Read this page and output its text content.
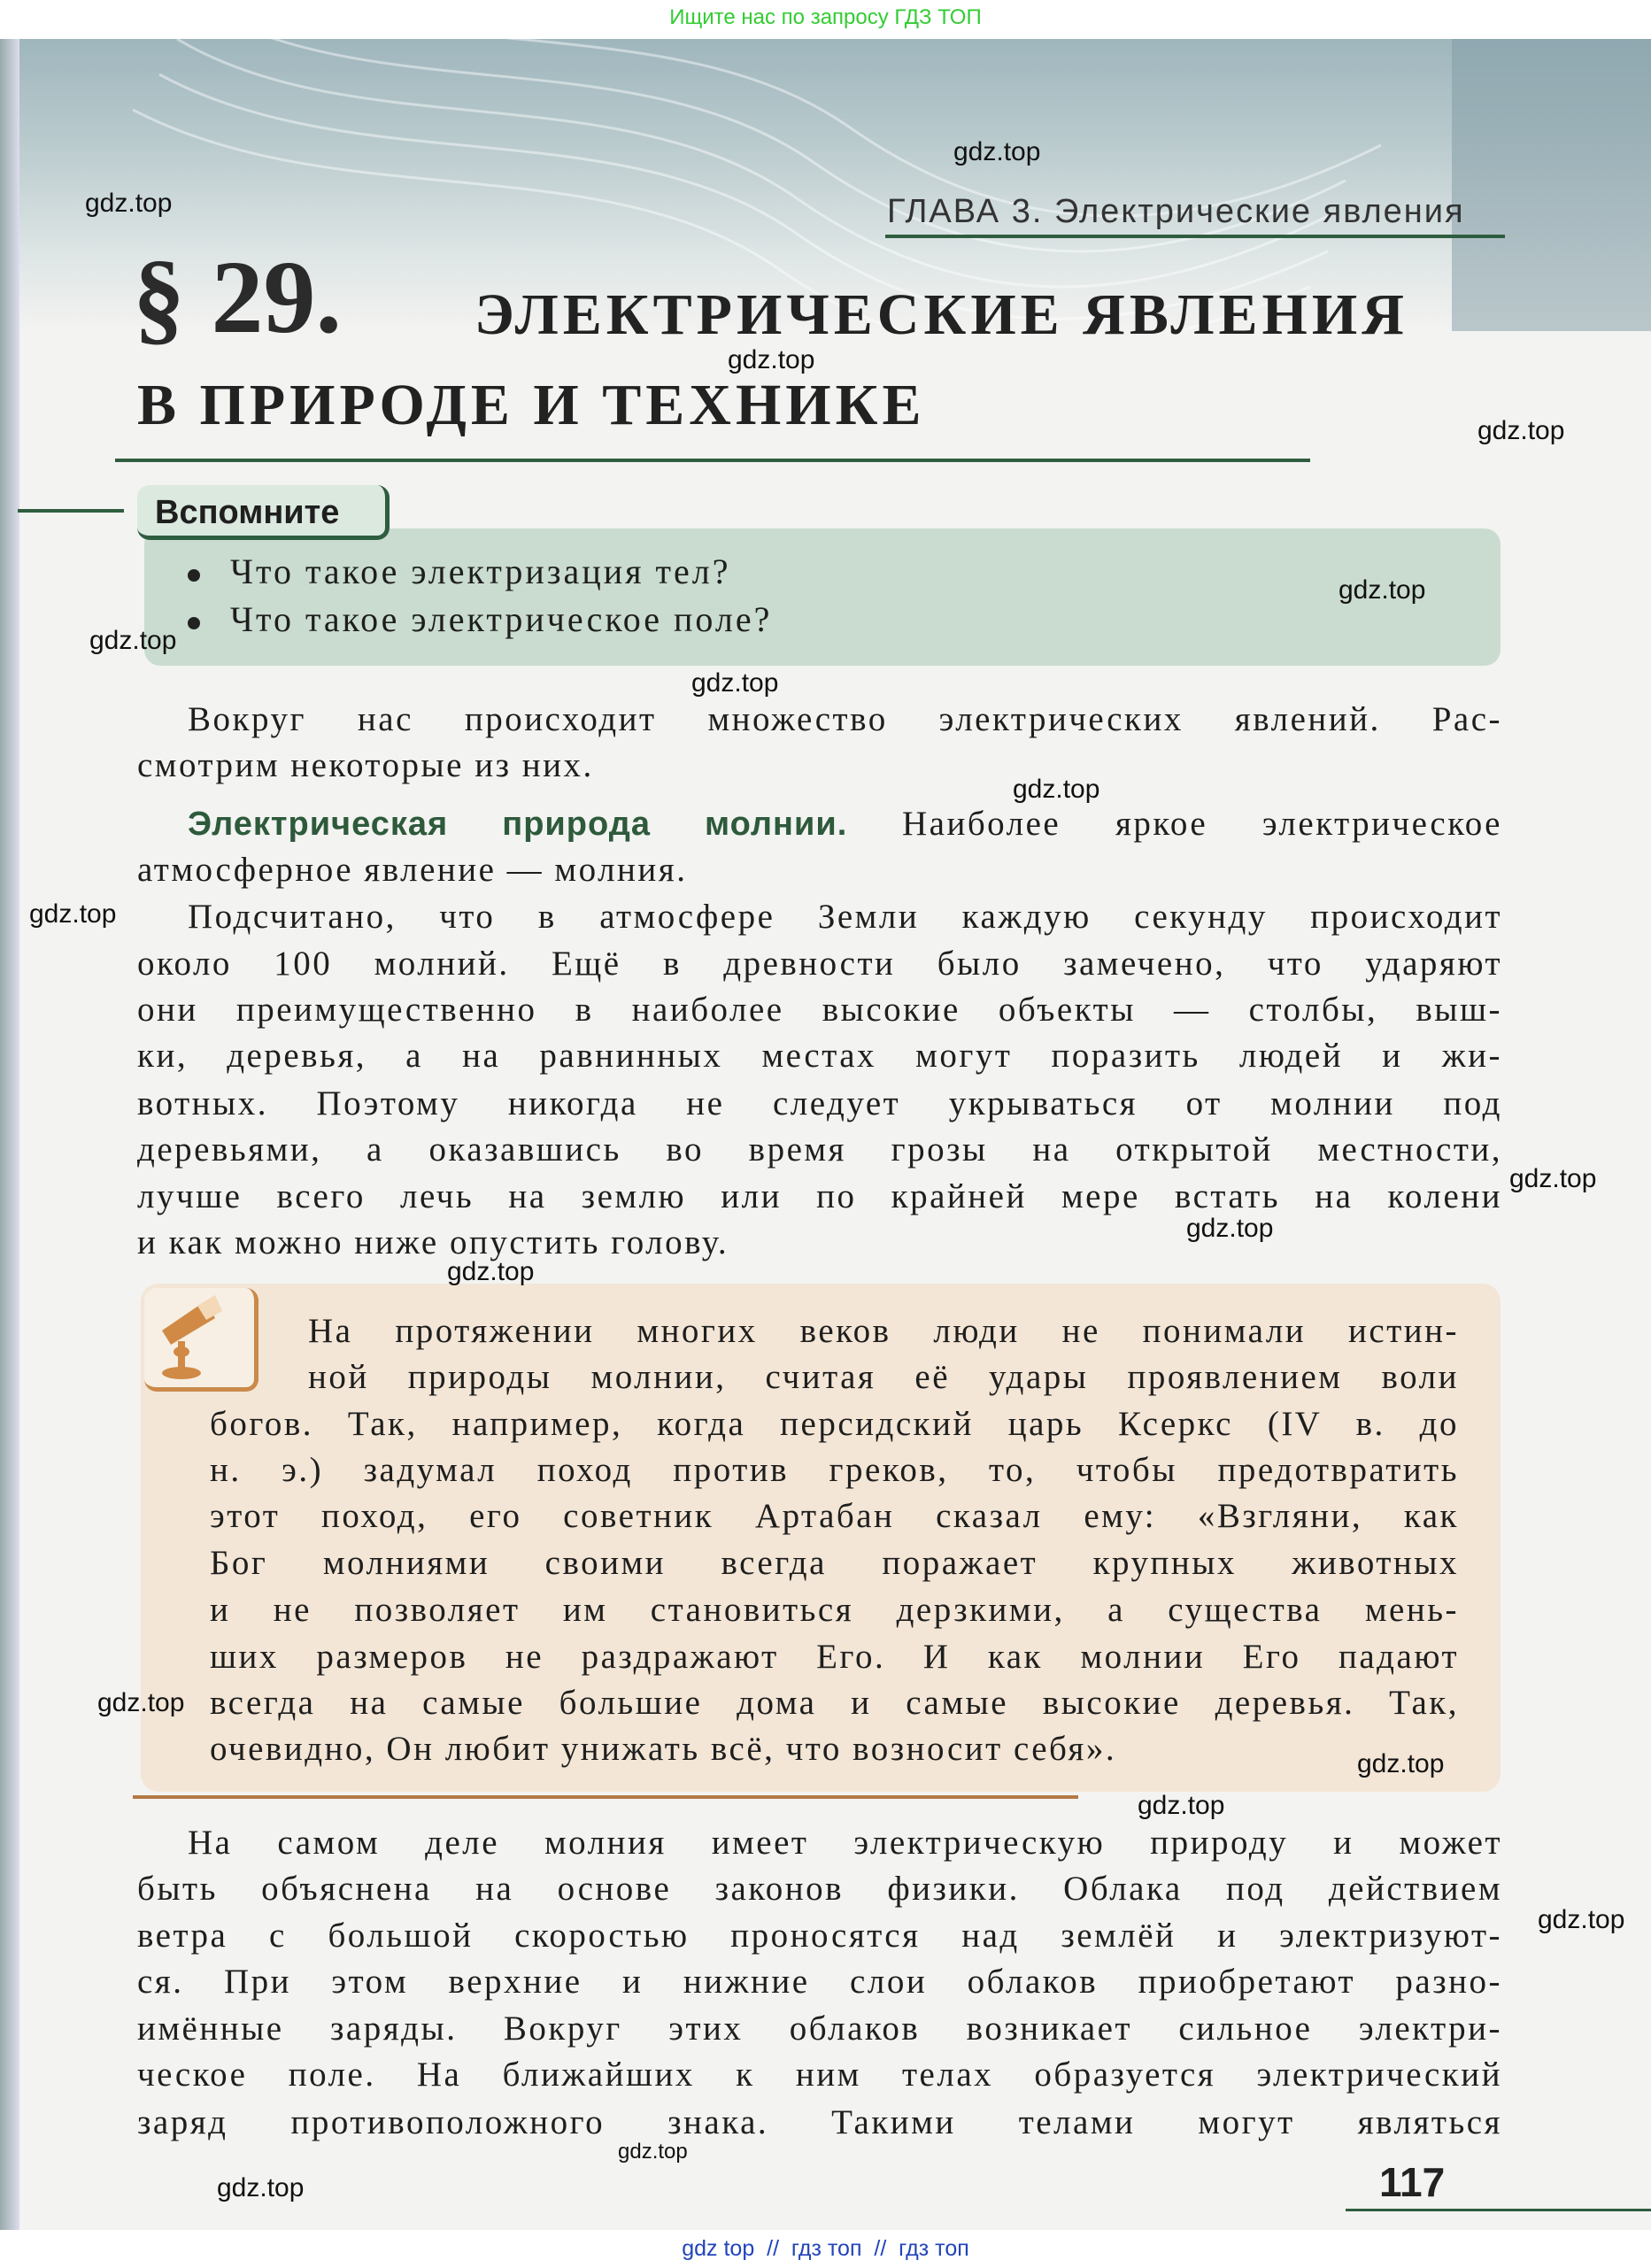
Ищите нас по запросу ГДЗ ТОП
ГЛАВА 3. Электрические явления
§ 29. ЭЛЕКТРИЧЕСКИЕ ЯВЛЕНИЯ
В ПРИРОДЕ И ТЕХНИКЕ
Вспомните
Что такое электризация тел?
Что такое электрическое поле?
Вокруг нас происходит множество электрических явлений. Рас-
смотрим некоторые из них.
Электрическая природа молнии. Наиболее яркое электрическое
атмосферное явление — молния.
Подсчитано, что в атмосфере Земли каждую секунду происходит
около 100 молний. Ещё в древности было замечено, что ударяют
они преимущественно в наиболее высокие объекты — столбы, выш-
ки, деревья, а на равнинных местах могут поразить людей и жи-
вотных. Поэтому никогда не следует укрываться от молнии под
деревьями, а оказавшись во время грозы на открытой местности,
лучше всего лечь на землю или по крайней мере встать на колени
и как можно ниже опустить голову.
На протяжении многих веков люди не понимали истин-
ной природы молнии, считая её удары проявлением воли
богов. Так, например, когда персидский царь Ксеркс (IV в. до
н. э.) задумал поход против греков, то, чтобы предотвратить
этот поход, его советник Артабан сказал ему: «Взгляни, как
Бог молниями своими всегда поражает крупных животных
и не позволяет им становиться дерзкими, а существа мень-
ших размеров не раздражают Его. И как молнии Его падают
всегда на самые большие дома и самые высокие деревья. Так,
очевидно, Он любит унижать всё, что возносит себя».
На самом деле молния имеет электрическую природу и может
быть объяснена на основе законов физики. Облака под действием
ветра с большой скоростью проносятся над землёй и электризуют-
ся. При этом верхние и нижние слои облаков приобретают разно-
имённые заряды. Вокруг этих облаков возникает сильное электри-
ческое поле. На ближайших к ним телах образуется электрический
заряд противоположного знака. Такими телами могут являться
117
gdz.top
gdz.top
gdz.top
gdz.top
gdz.top
gdz.top
gdz.top
gdz.top
gdz.top
gdz.top
gdz.top
gdz.top
gdz.top
gdz.top
gdz.top
gdz.top
gdz.top
gdz.top
gdz top  //  гдз топ  //  гдз топ
